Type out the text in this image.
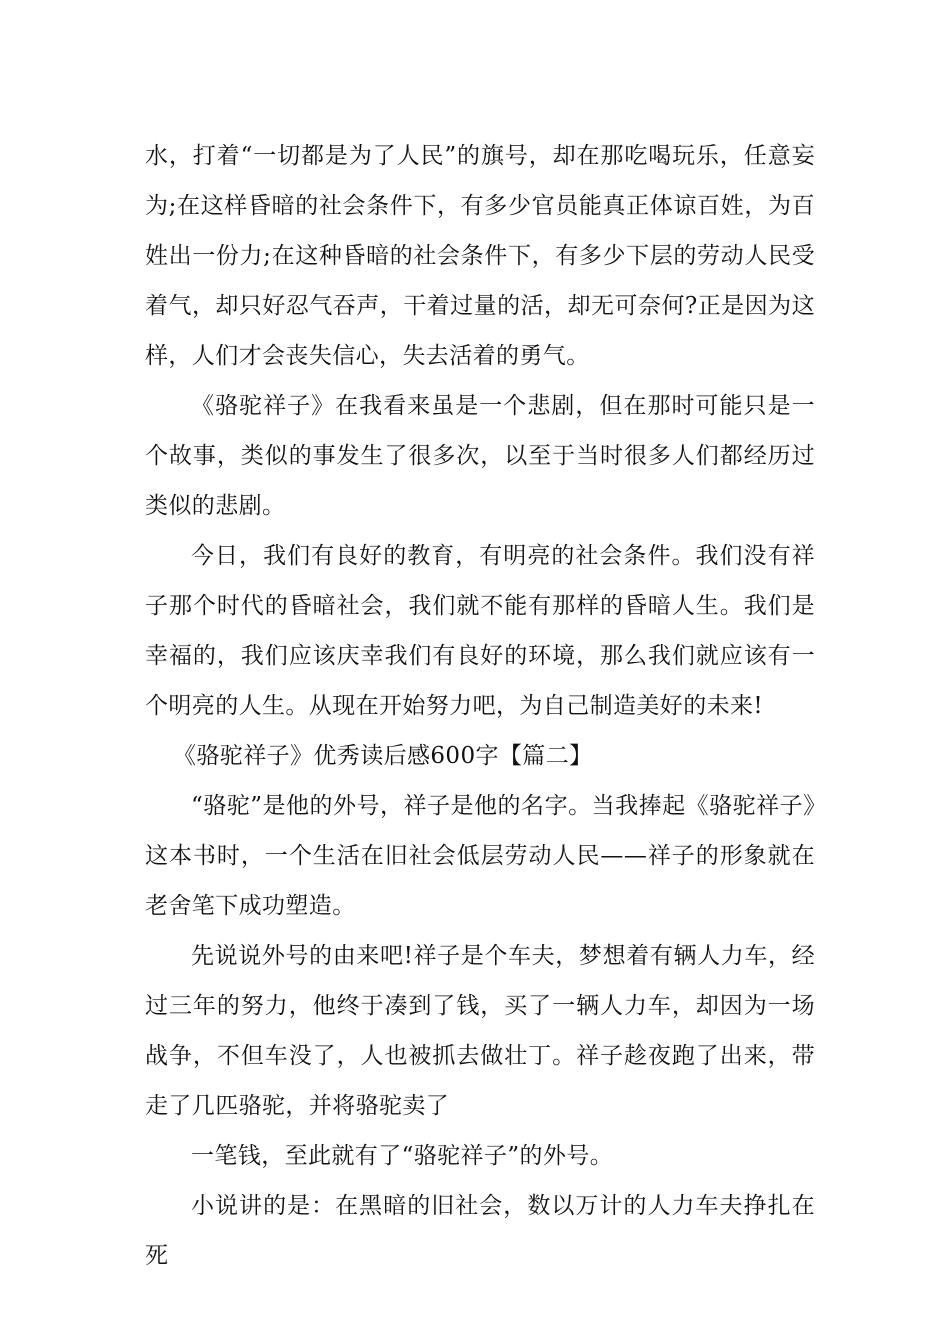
水，打着“一切都是为了人民”的旗号，却在那吃喝玩乐，任意妄为;在这样昏暗的社会条件下，有多少官员能真正体谅百姓，为百姓出一份力;在这种昏暗的社会条件下，有多少下层的劳动人民受着气，却只好忍气吞声，干着过量的活，却无可奈何?正是因为这样，人们才会丧失信心，失去活着的勇气。

《骆驼祥子》在我看来虽是一个悲剧，但在那时可能只是一个故事，类似的事发生了很多次，以至于当时很多人们都经历过类似的悲剧。

今日，我们有良好的教育，有明亮的社会条件。我们没有祥子那个时代的昏暗社会，我们就不能有那样的昏暗人生。我们是幸福的，我们应该庆幸我们有良好的环境，那么我们就应该有一个明亮的人生。从现在开始努力吧，为自己制造美好的未来!

《骆驼祥子》优秀读后感600字【篇二】

“骆驼”是他的外号，祥子是他的名字。当我捧起《骆驼祥子》这本书时，一个生活在旧社会低层劳动人民——祥子的形象就在老舍笔下成功塑造。

先说说外号的由来吧!祥子是个车夫，梦想着有辆人力车，经过三年的努力，他终于凑到了钱，买了一辆人力车，却因为一场战争，不但车没了，人也被抓去做壮丁。祥子趁夜跑了出来，带走了几匹骆驼，并将骆驼卖了

一笔钱，至此就有了“骆驼祥子”的外号。

小说讲的是：在黑暗的旧社会，数以万计的人力车夫挣扎在死
